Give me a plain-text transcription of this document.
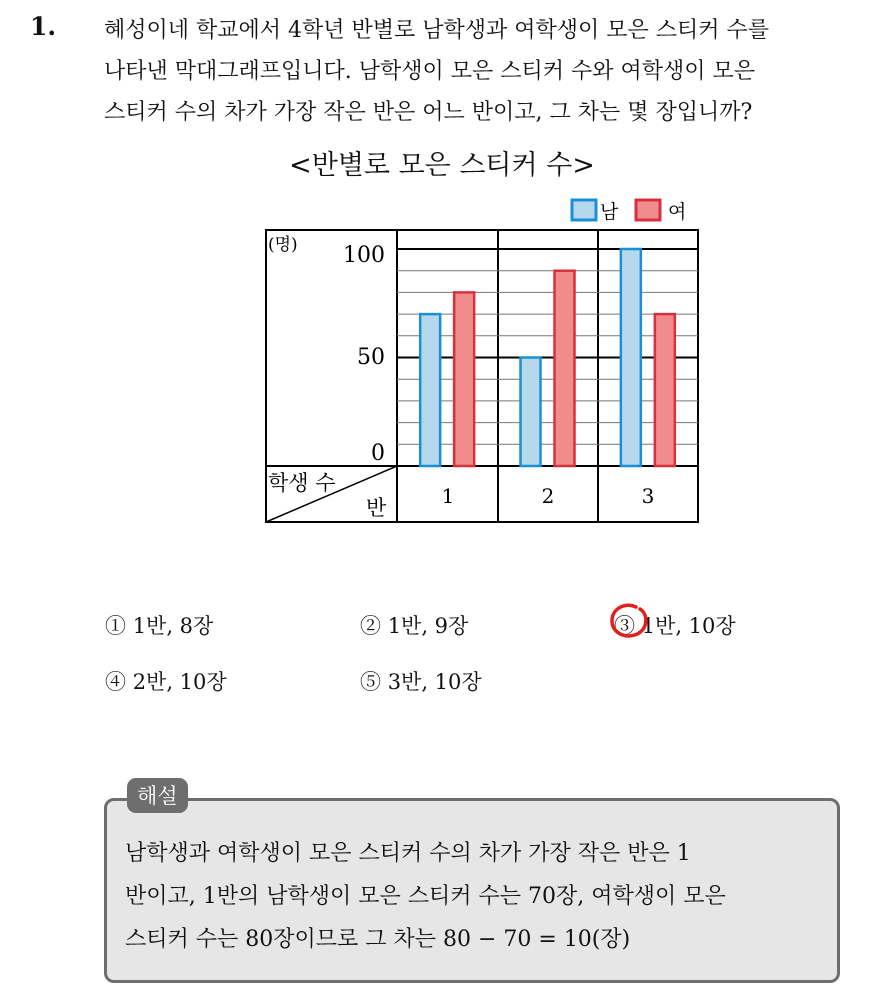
1. 혜성이네 학교에서 4학년 반별로 남학생과 여학생이 모은 스티커 수를
나타낸 막대그래프입니다. 남학생이 모은 스티커 수와 여학생이 모은
스티커 수의 차가 가장 작은 반은 어느 반이고, 그 차는 몇 장입니까?
<반별로 모은 스티커 수>
남	여
(명) 100
50
0
학생 수
반	1	2	3
① 1반, 8장	② 1반, 9장	③ 1반, 10장
④ 2반, 10장	⑤ 3반, 10장
해설
남학생과 여학생이 모은 스티커 수의 차가 가장 작은 반은 1
반이고, 1반의 남학생이 모은 스티커 수는 70장, 여학생이 모은
스티커 수는 80장이므로 그 차는 80 − 70 = 10(장)
